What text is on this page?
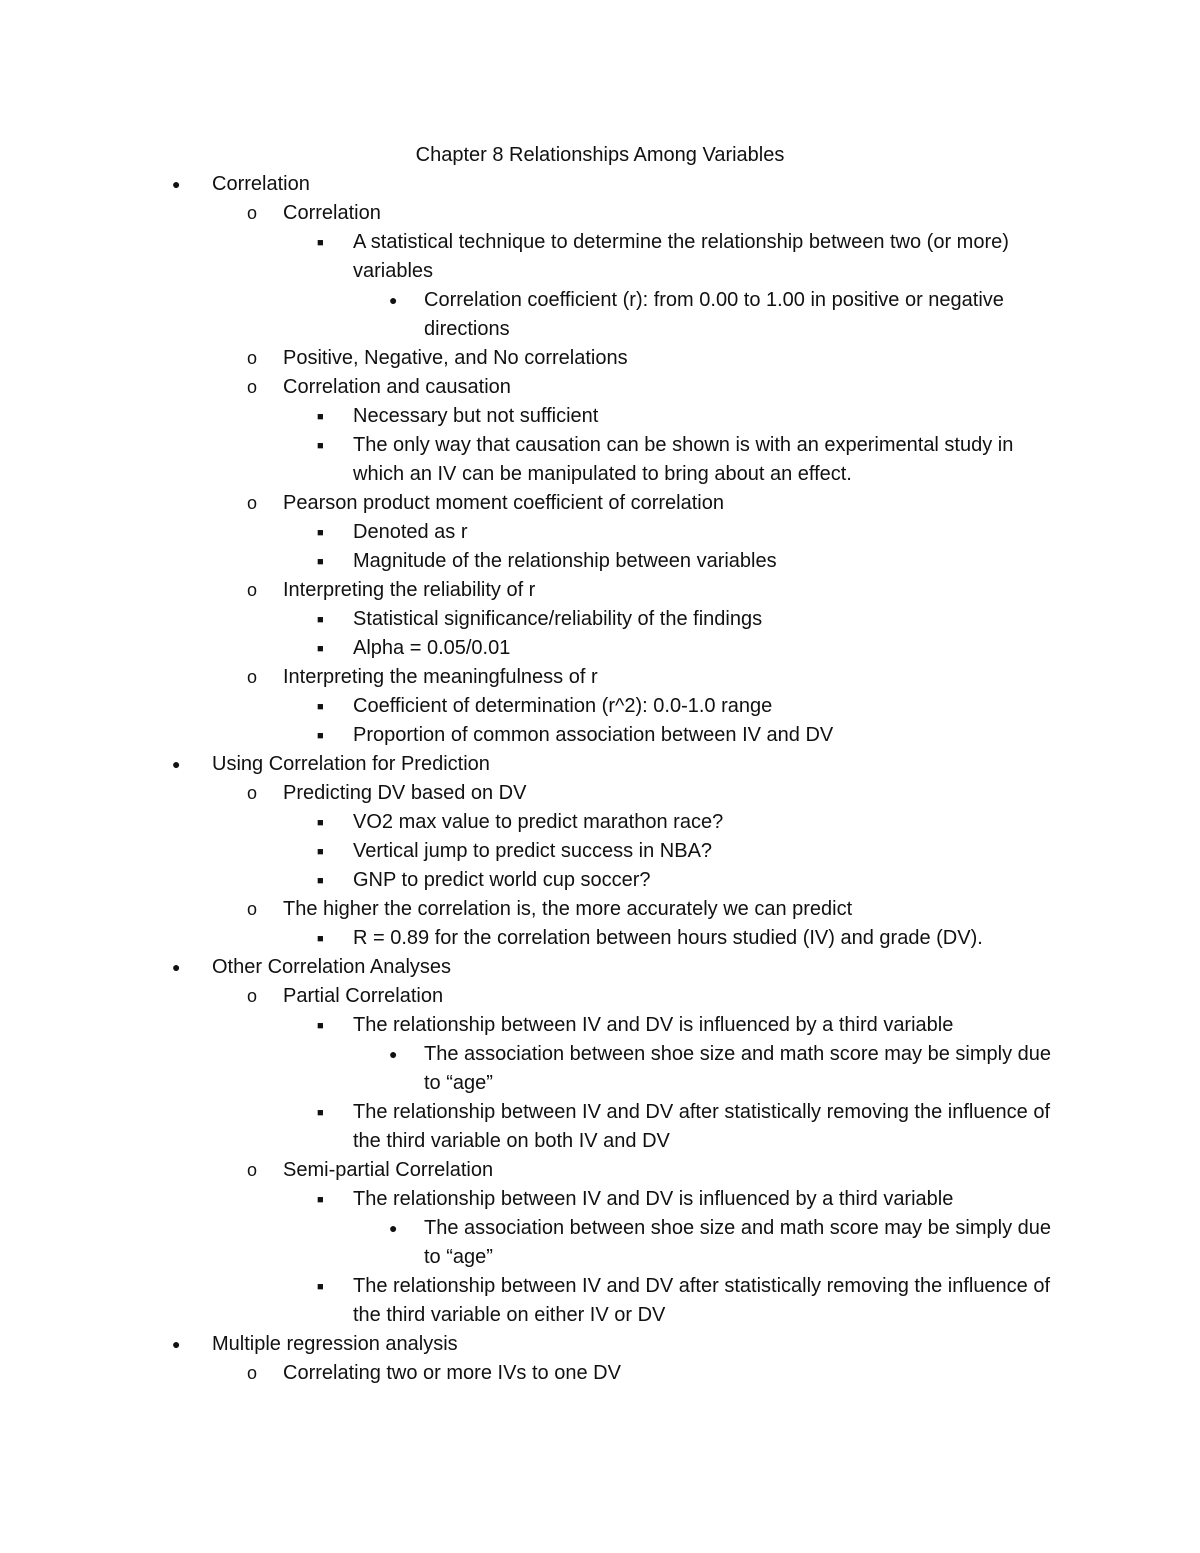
Chapter 8 Relationships Among Variables
● Correlation
o Correlation
■ A statistical technique to determine the relationship between two (or more) variables
● Correlation coefficient (r): from 0.00 to 1.00 in positive or negative directions
o Positive, Negative, and No correlations
o Correlation and causation
■ Necessary but not sufficient
■ The only way that causation can be shown is with an experimental study in which an IV can be manipulated to bring about an effect.
o Pearson product moment coefficient of correlation
■ Denoted as r
■ Magnitude of the relationship between variables
o Interpreting the reliability of r
■ Statistical significance/reliability of the findings
■ Alpha = 0.05/0.01
o Interpreting the meaningfulness of r
■ Coefficient of determination (r^2): 0.0-1.0 range
■ Proportion of common association between IV and DV
● Using Correlation for Prediction
o Predicting DV based on DV
■ VO2 max value to predict marathon race?
■ Vertical jump to predict success in NBA?
■ GNP to predict world cup soccer?
o The higher the correlation is, the more accurately we can predict
■ R = 0.89 for the correlation between hours studied (IV) and grade (DV).
● Other Correlation Analyses
o Partial Correlation
■ The relationship between IV and DV is influenced by a third variable
● The association between shoe size and math score may be simply due to “age”
■ The relationship between IV and DV after statistically removing the influence of the third variable on both IV and DV
o Semi-partial Correlation
■ The relationship between IV and DV is influenced by a third variable
● The association between shoe size and math score may be simply due to “age”
■ The relationship between IV and DV after statistically removing the influence of the third variable on either IV or DV
● Multiple regression analysis
o Correlating two or more IVs to one DV
